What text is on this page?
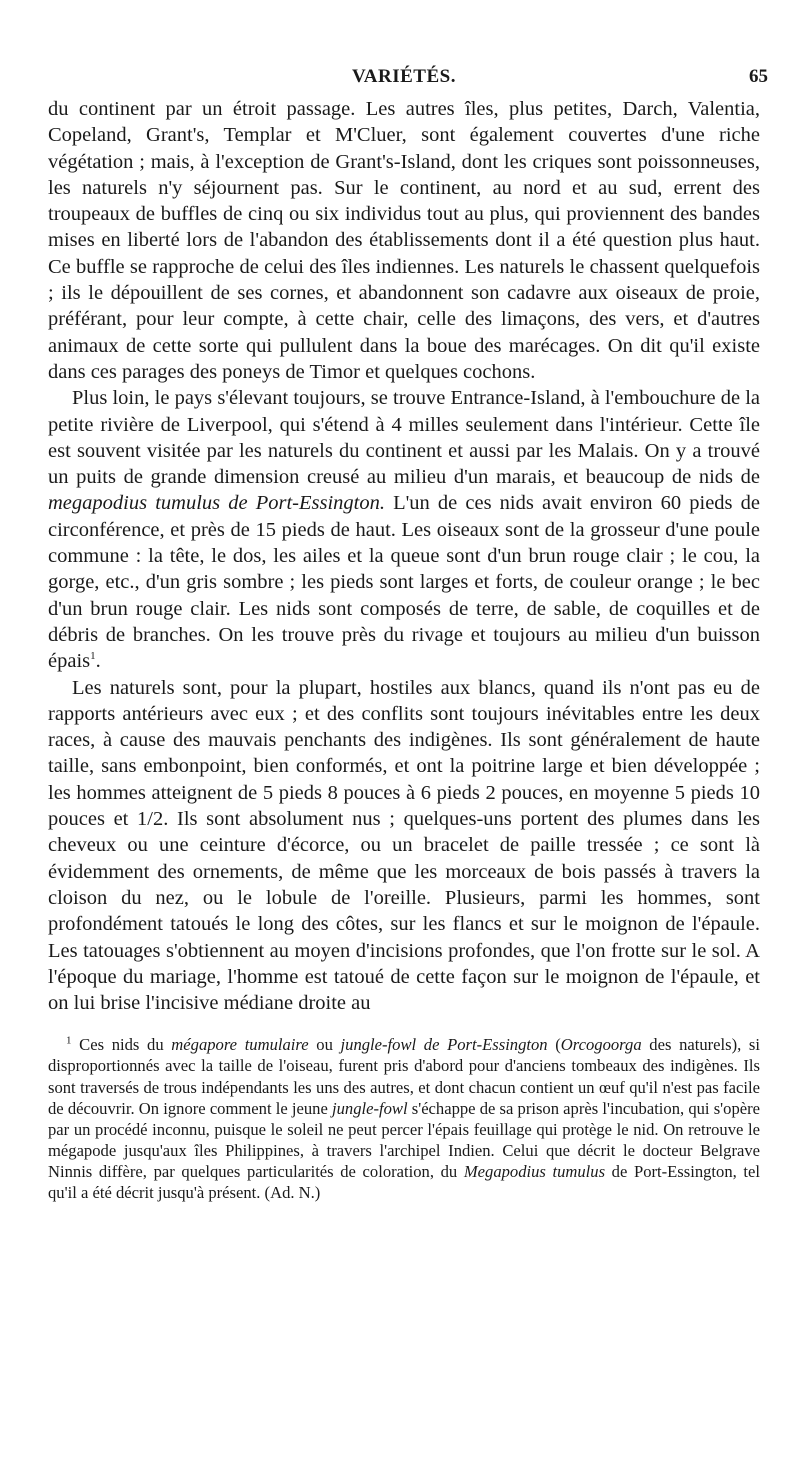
VARIÉTÉS.	65

du continent par un étroit passage. Les autres îles, plus petites, Darch, Valentia, Copeland, Grant's, Templar et M'Cluer, sont également couvertes d'une riche végétation ; mais, à l'exception de Grant's-Island, dont les criques sont poissonneuses, les naturels n'y séjournent pas. Sur le continent, au nord et au sud, errent des troupeaux de buffles de cinq ou six individus tout au plus, qui proviennent des bandes mises en liberté lors de l'abandon des établissements dont il a été question plus haut. Ce buffle se rapproche de celui des îles indiennes. Les naturels le chassent quelquefois ; ils le dépouillent de ses cornes, et abandonnent son cadavre aux oiseaux de proie, préférant, pour leur compte, à cette chair, celle des limaçons, des vers, et d'autres animaux de cette sorte qui pullulent dans la boue des marécages. On dit qu'il existe dans ces parages des poneys de Timor et quelques cochons.

Plus loin, le pays s'élevant toujours, se trouve Entrance-Island, à l'embouchure de la petite rivière de Liverpool, qui s'étend à 4 milles seulement dans l'intérieur. Cette île est souvent visitée par les naturels du continent et aussi par les Malais. On y a trouvé un puits de grande dimension creusé au milieu d'un marais, et beaucoup de nids de megapodius tumulus de Port-Essington. L'un de ces nids avait environ 60 pieds de circonférence, et près de 15 pieds de haut. Les oiseaux sont de la grosseur d'une poule commune : la tête, le dos, les ailes et la queue sont d'un brun rouge clair ; le cou, la gorge, etc., d'un gris sombre ; les pieds sont larges et forts, de couleur orange ; le bec d'un brun rouge clair. Les nids sont composés de terre, de sable, de coquilles et de débris de branches. On les trouve près du rivage et toujours au milieu d'un buisson épais$^1$.

Les naturels sont, pour la plupart, hostiles aux blancs, quand ils n'ont pas eu de rapports antérieurs avec eux ; et des conflits sont toujours inévitables entre les deux races, à cause des mauvais penchants des indigènes. Ils sont généralement de haute taille, sans embonpoint, bien conformés, et ont la poitrine large et bien développée ; les hommes atteignent de 5 pieds 8 pouces à 6 pieds 2 pouces, en moyenne 5 pieds 10 pouces et 1/2. Ils sont absolument nus ; quelques-uns portent des plumes dans les cheveux ou une ceinture d'écorce, ou un bracelet de paille tressée ; ce sont là évidemment des ornements, de même que les morceaux de bois passés à travers la cloison du nez, ou le lobule de l'oreille. Plusieurs, parmi les hommes, sont profondément tatoués le long des côtes, sur les flancs et sur le moignon de l'épaule. Les tatouages s'obtiennent au moyen d'incisions profondes, que l'on frotte sur le sol. A l'époque du mariage, l'homme est tatoué de cette façon sur le moignon de l'épaule, et on lui brise l'incisive médiane droite au

$^1$ Ces nids du mégapore tumulaire ou jungle-fowl de Port-Essington (Orcogoorga des naturels), si disproportionnés avec la taille de l'oiseau, furent pris d'abord pour d'anciens tombeaux des indigènes. Ils sont traversés de trous indépendants les uns des autres, et dont chacun contient un œuf qu'il n'est pas facile de découvrir. On ignore comment le jeune jungle-fowl s'échappe de sa prison après l'incubation, qui s'opère par un procédé inconnu, puisque le soleil ne peut percer l'épais feuillage qui protège le nid. On retrouve le mégapode jusqu'aux îles Philippines, à travers l'archipel Indien. Celui que décrit le docteur Belgrave Ninnis diffère, par quelques particularités de coloration, du Megapodius tumulus de Port-Essington, tel qu'il a été décrit jusqu'à présent. (Ad. N.)
